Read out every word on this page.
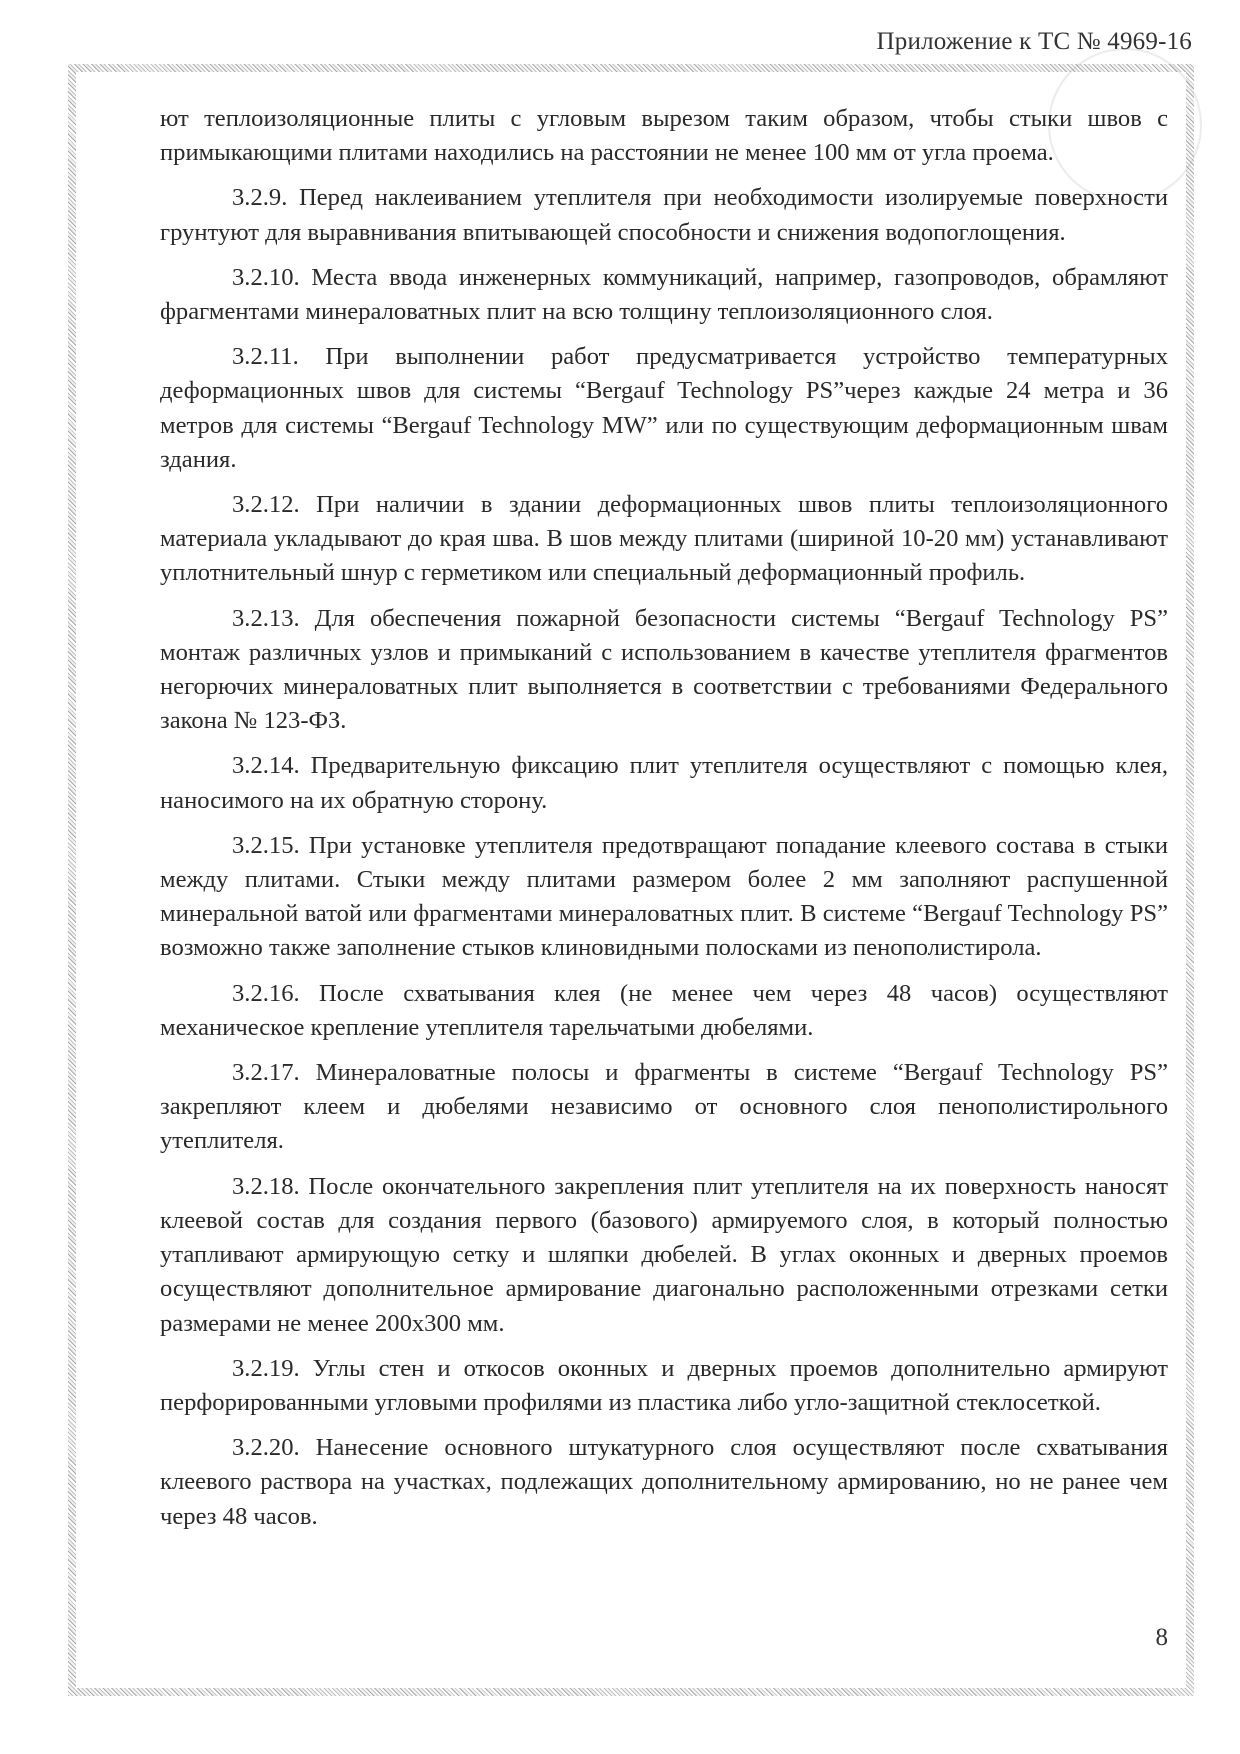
Приложение к ТС № 4969-16

ют теплоизоляционные плиты с угловым вырезом таким образом, чтобы стыки швов с примыкающими плитами находились на расстоянии не менее 100 мм от угла проема.

3.2.9. Перед наклеиванием утеплителя при необходимости изолируемые поверхности грунтуют для выравнивания впитывающей способности и снижения водопоглощения.

3.2.10. Места ввода инженерных коммуникаций, например, газопроводов, обрамляют фрагментами минераловатных плит на всю толщину теплоизоляционного слоя.

3.2.11. При выполнении работ предусматривается устройство температурных деформационных швов для системы “Bergauf Technology PS”через каждые 24 метра и 36 метров для системы “Bergauf Technology MW” или по существующим деформационным швам здания.

3.2.12. При наличии в здании деформационных швов плиты теплоизоляционного материала укладывают до края шва. В шов между плитами (шириной 10-20 мм) устанавливают уплотнительный шнур с герметиком или специальный деформационный профиль.

3.2.13. Для обеспечения пожарной безопасности системы “Bergauf Technology PS” монтаж различных узлов и примыканий с использованием в качестве утеплителя фрагментов негорючих минераловатных плит выполняется в соответствии с требованиями Федерального закона № 123-ФЗ.

3.2.14. Предварительную фиксацию плит утеплителя осуществляют с помощью клея, наносимого на их обратную сторону.

3.2.15. При установке утеплителя предотвращают попадание клеевого состава в стыки между плитами. Стыки между плитами размером более 2 мм заполняют распушенной минеральной ватой или фрагментами минераловатных плит. В системе “Bergauf Technology PS” возможно также заполнение стыков клиновидными полосками из пенополистирола.

3.2.16. После схватывания клея (не менее чем через 48 часов) осуществляют механическое крепление утеплителя тарельчатыми дюбелями.

3.2.17. Минераловатные полосы и фрагменты в системе “Bergauf Technology PS” закрепляют клеем и дюбелями независимо от основного слоя пенополистирольного утеплителя.

3.2.18. После окончательного закрепления плит утеплителя на их поверхность наносят клеевой состав для создания первого (базового) армируемого слоя, в который полностью утапливают армирующую сетку и шляпки дюбелей. В углах оконных и дверных проемов осуществляют дополнительное армирование диагонально расположенными отрезками сетки размерами не менее 200х300 мм.

3.2.19. Углы стен и откосов оконных и дверных проемов дополнительно армируют перфорированными угловыми профилями из пластика либо угло-защитной стеклосеткой.

3.2.20. Нанесение основного штукатурного слоя осуществляют после схватывания клеевого раствора на участках, подлежащих дополнительному армированию, но не ранее чем через 48 часов.

8
